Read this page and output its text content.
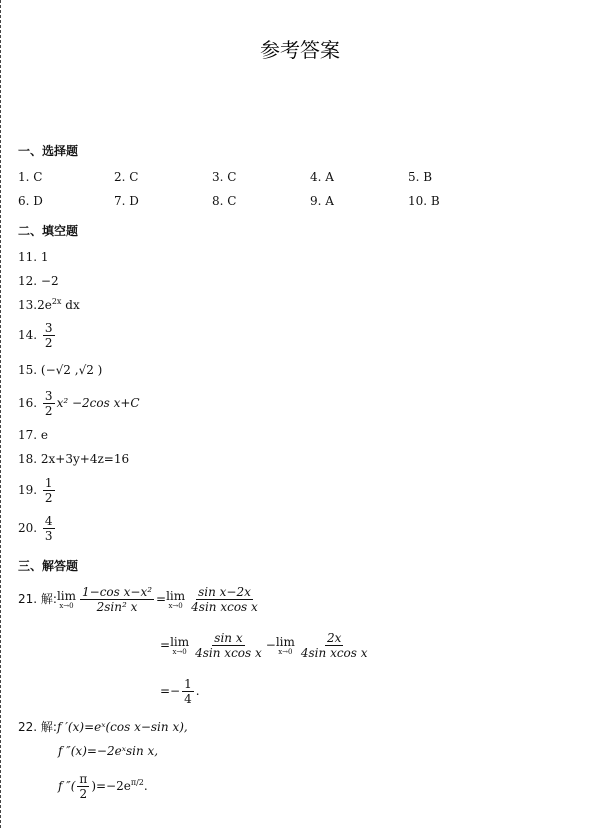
参考答案
一、选择题
1. C	2. C	3. C	4. A	5. B
6. D	7. D	8. C	9. A	10. B
二、填空题
11. 1
12. −2
$13.2e^{2x}$ dx
14. $\frac{3}{2}$
15. (−√2 ,√2 )
16. $\frac{3}{2} x^2 -2\cos$ x+C
17. e
18. 2x+3y+4z=16
19. $\frac{1}{2}$
20. $\frac{4}{3}$
三、解答题
21. 解: lim
$x\to 0 \frac{\text{1−cos x−x²}}{\text{2sin² x}} = \lim$
$x\to 0 \frac{\text{sin x−2x}}{\text{4sin xcos x}}$
= lim
$x\to 0 \frac{\text{sin x}}{\text{4sin xcos x}} - \lim$
$x\to 0 \frac{2x}{\text{4sin xcos x}}$
=− $\frac{1}{4}$ .
22. 解:f ′(x)=eˣ(cos x−sin x),
f ″(x)=−2eˣsin x,
f ″( $\frac{\pi}{2} )=-2e^{\pi/2}$.
